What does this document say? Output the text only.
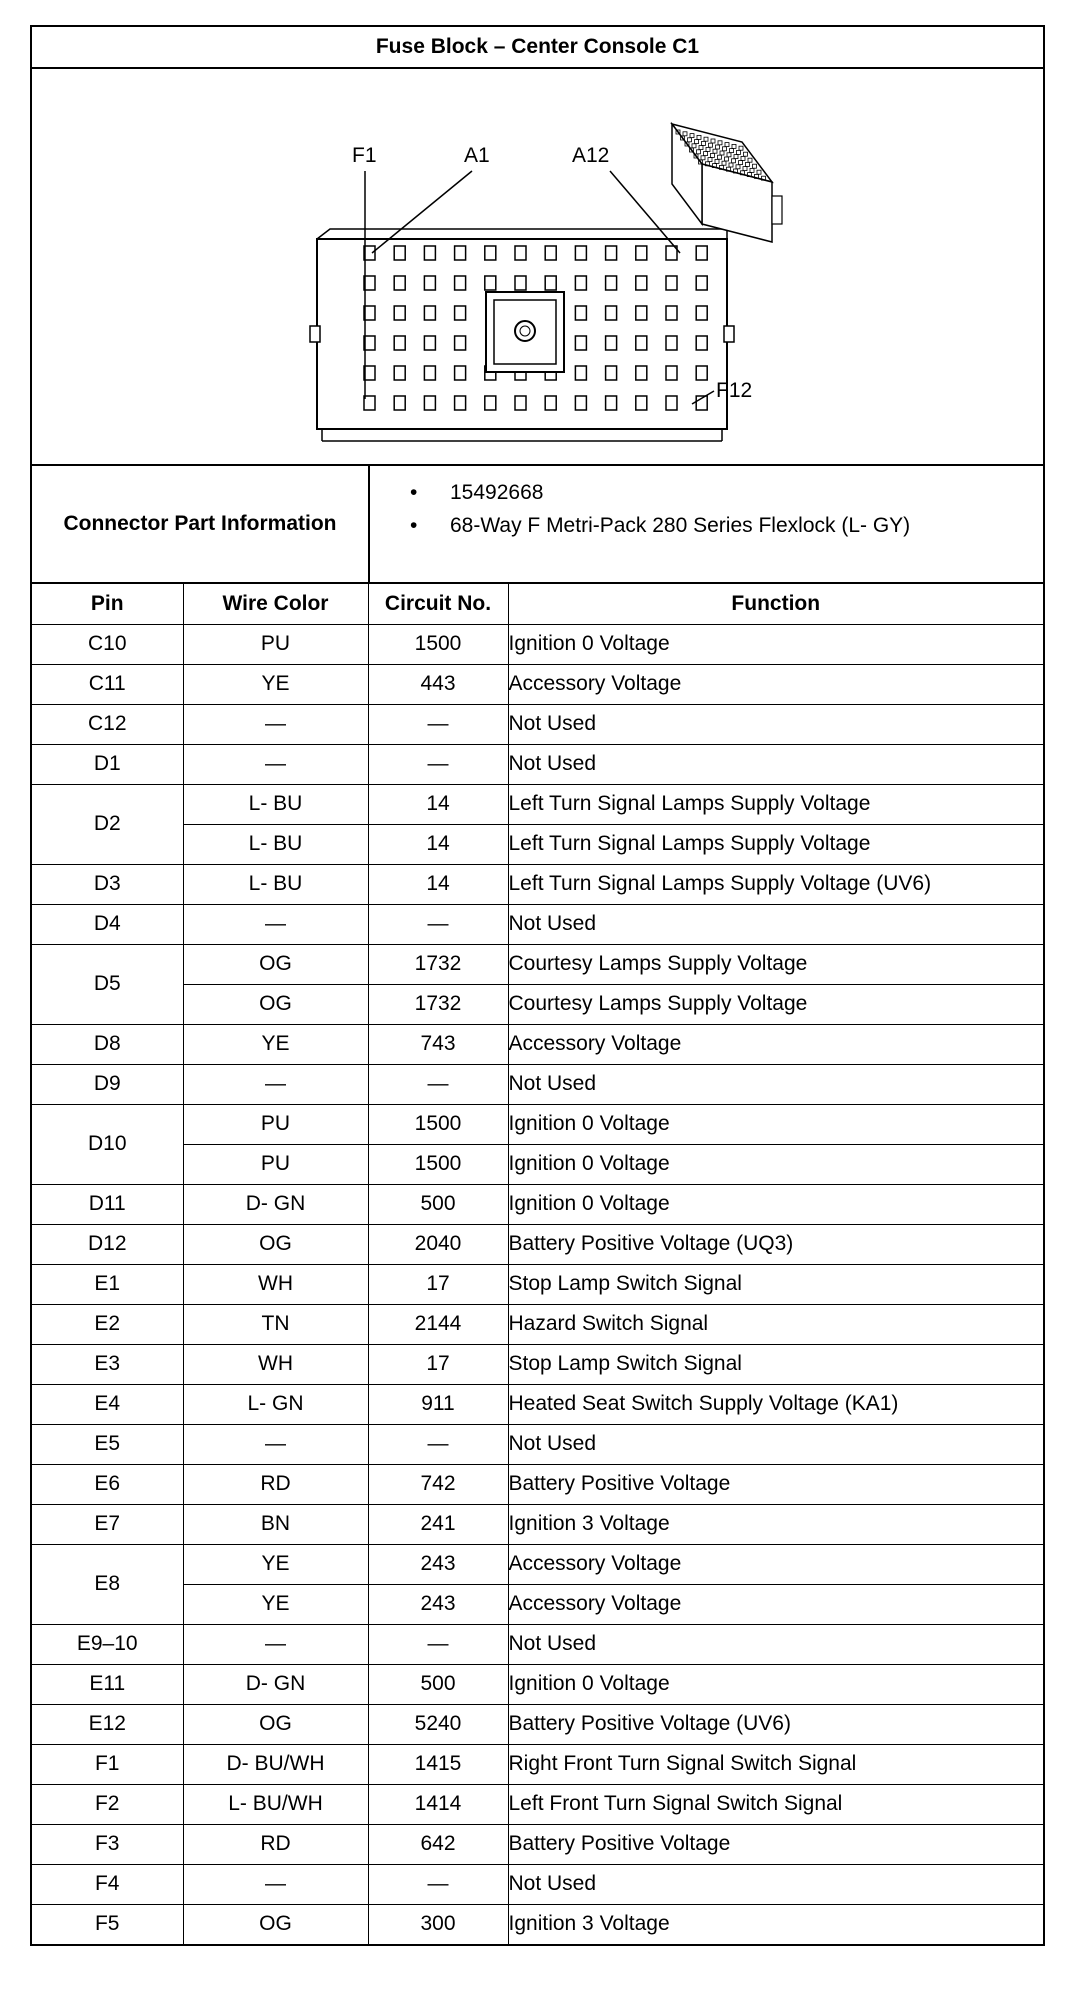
Fuse Block – Center Console C1
F1	A1	A12
F12
Connector Part Information
• 15492668
• 68-Way F Metri-Pack 280 Series Flexlock (L- GY)
Pin	Wire Color	Circuit No.	Function
C10	PU	1500	Ignition 0 Voltage
C11	YE	443	Accessory Voltage
C12	—	—	Not Used
D1	—	—	Not Used
D2	L- BU	14	Left Turn Signal Lamps Supply Voltage
	L- BU	14	Left Turn Signal Lamps Supply Voltage
D3	L- BU	14	Left Turn Signal Lamps Supply Voltage (UV6)
D4	—	—	Not Used
D5	OG	1732	Courtesy Lamps Supply Voltage
	OG	1732	Courtesy Lamps Supply Voltage
D8	YE	743	Accessory Voltage
D9	—	—	Not Used
D10	PU	1500	Ignition 0 Voltage
	PU	1500	Ignition 0 Voltage
D11	D- GN	500	Ignition 0 Voltage
D12	OG	2040	Battery Positive Voltage (UQ3)
E1	WH	17	Stop Lamp Switch Signal
E2	TN	2144	Hazard Switch Signal
E3	WH	17	Stop Lamp Switch Signal
E4	L- GN	911	Heated Seat Switch Supply Voltage (KA1)
E5	—	—	Not Used
E6	RD	742	Battery Positive Voltage
E7	BN	241	Ignition 3 Voltage
E8	YE	243	Accessory Voltage
	YE	243	Accessory Voltage
E9–10	—	—	Not Used
E11	D- GN	500	Ignition 0 Voltage
E12	OG	5240	Battery Positive Voltage (UV6)
F1	D- BU/WH	1415	Right Front Turn Signal Switch Signal
F2	L- BU/WH	1414	Left Front Turn Signal Switch Signal
F3	RD	642	Battery Positive Voltage
F4	—	—	Not Used
F5	OG	300	Ignition 3 Voltage
